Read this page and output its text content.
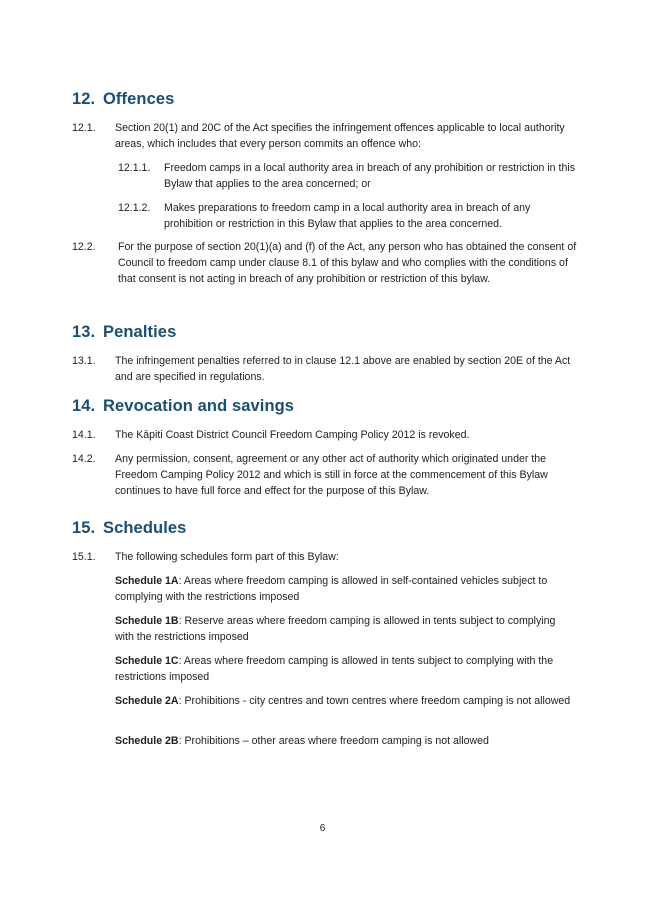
12. Offences
12.1. Section 20(1) and 20C of the Act specifies the infringement offences applicable to local authority areas, which includes that every person commits an offence who:
12.1.1. Freedom camps in a local authority area in breach of any prohibition or restriction in this Bylaw that applies to the area concerned; or
12.1.2. Makes preparations to freedom camp in a local authority area in breach of any prohibition or restriction in this Bylaw that applies to the area concerned.
12.2. For the purpose of section 20(1)(a) and (f) of the Act, any person who has obtained the consent of Council to freedom camp under clause 8.1 of this bylaw and who complies with the conditions of that consent is not acting in breach of any prohibition or restriction of this bylaw.
13. Penalties
13.1. The infringement penalties referred to in clause 12.1 above are enabled by section 20E of the Act and are specified in regulations.
14. Revocation and savings
14.1. The Kāpiti Coast District Council Freedom Camping Policy 2012 is revoked.
14.2. Any permission, consent, agreement or any other act of authority which originated under the Freedom Camping Policy 2012 and which is still in force at the commencement of this Bylaw continues to have full force and effect for the purpose of this Bylaw.
15. Schedules
15.1. The following schedules form part of this Bylaw:
Schedule 1A: Areas where freedom camping is allowed in self-contained vehicles subject to complying with the restrictions imposed
Schedule 1B: Reserve areas where freedom camping is allowed in tents subject to complying with the restrictions imposed
Schedule 1C: Areas where freedom camping is allowed in tents subject to complying with the restrictions imposed
Schedule 2A: Prohibitions - city centres and town centres where freedom camping is not allowed
Schedule 2B: Prohibitions – other areas where freedom camping is not allowed
6
